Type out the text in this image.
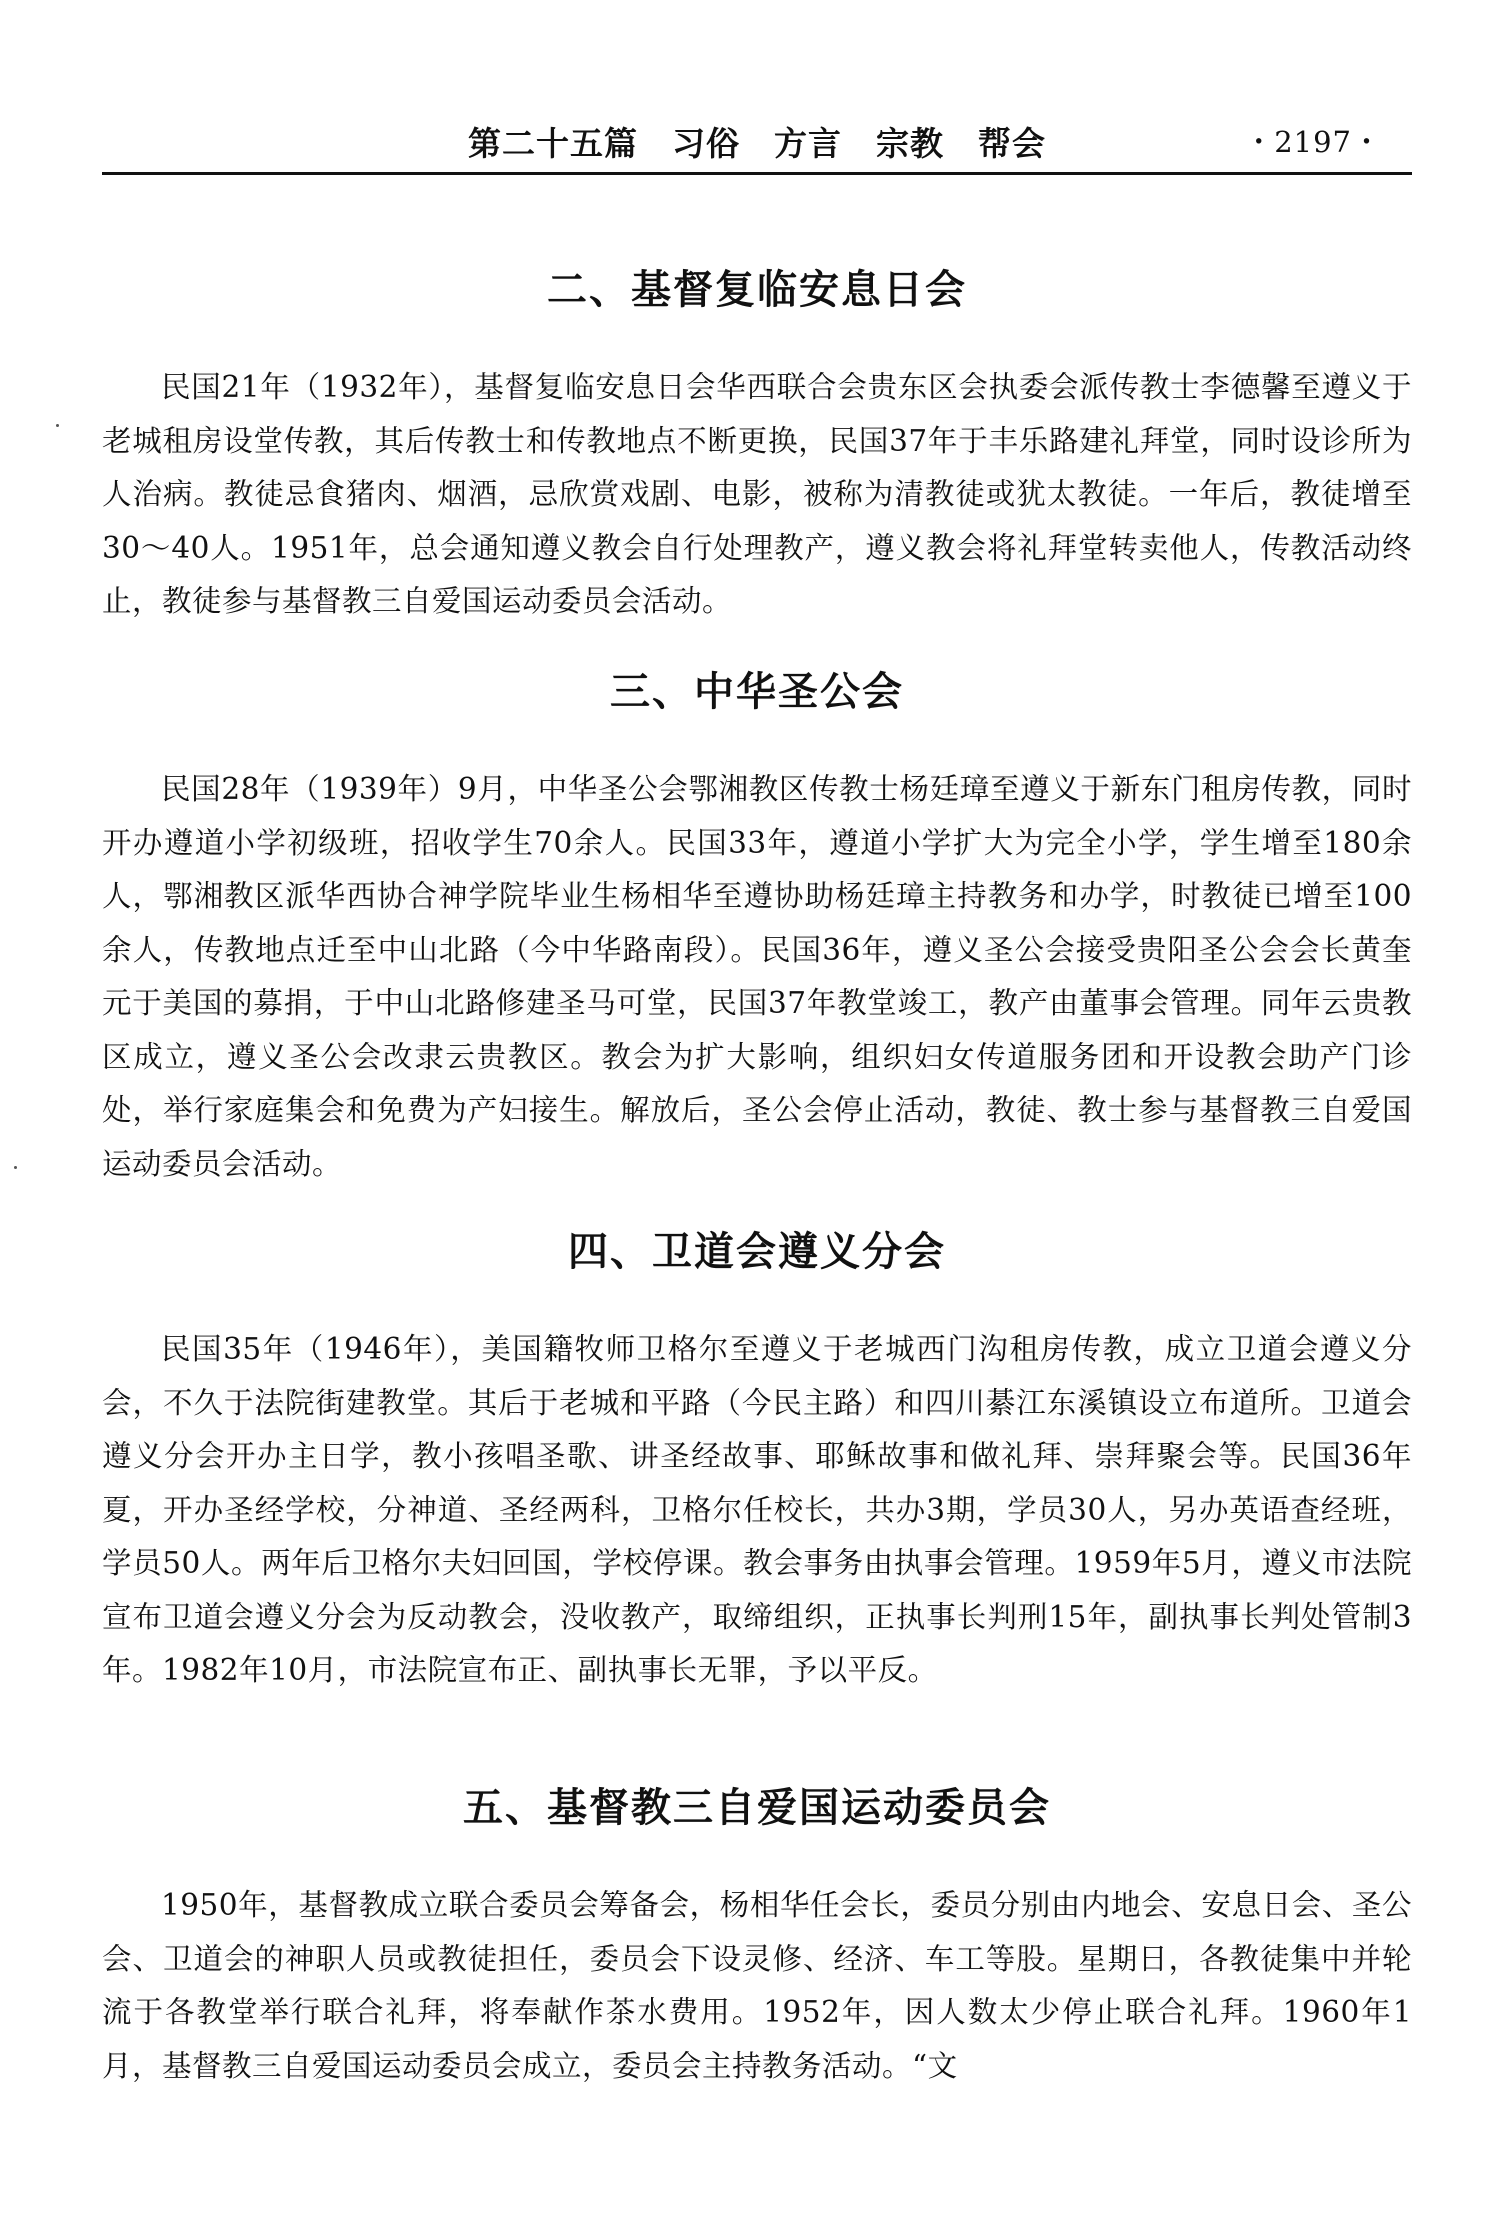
第二十五篇　习俗　方言　宗教　帮会	・2197・
二、基督复临安息日会

民国21年（1932年），基督复临安息日会华西联合会贵东区会执委会派传教士李德馨至遵义于老城租房设堂传教，其后传教士和传教地点不断更换，民国37年于丰乐路建礼拜堂，同时设诊所为人治病。教徒忌食猪肉、烟酒，忌欣赏戏剧、电影，被称为清教徒或犹太教徒。一年后，教徒增至30～40人。1951年，总会通知遵义教会自行处理教产，遵义教会将礼拜堂转卖他人，传教活动终止，教徒参与基督教三自爱国运动委员会活动。

三、中华圣公会

民国28年（1939年）9月，中华圣公会鄂湘教区传教士杨廷璋至遵义于新东门租房传教，同时开办遵道小学初级班，招收学生70余人。民国33年，遵道小学扩大为完全小学，学生增至180余人，鄂湘教区派华西协合神学院毕业生杨相华至遵协助杨廷璋主持教务和办学，时教徒已增至100余人，传教地点迁至中山北路（今中华路南段）。民国36年，遵义圣公会接受贵阳圣公会会长黄奎元于美国的募捐，于中山北路修建圣马可堂，民国37年教堂竣工，教产由董事会管理。同年云贵教区成立，遵义圣公会改隶云贵教区。教会为扩大影响，组织妇女传道服务团和开设教会助产门诊处，举行家庭集会和免费为产妇接生。解放后，圣公会停止活动，教徒、教士参与基督教三自爱国运动委员会活动。

四、卫道会遵义分会

民国35年（1946年），美国籍牧师卫格尔至遵义于老城西门沟租房传教，成立卫道会遵义分会，不久于法院街建教堂。其后于老城和平路（今民主路）和四川綦江东溪镇设立布道所。卫道会遵义分会开办主日学，教小孩唱圣歌、讲圣经故事、耶稣故事和做礼拜、崇拜聚会等。民国36年夏，开办圣经学校，分神道、圣经两科，卫格尔任校长，共办3期，学员30人，另办英语查经班，学员50人。两年后卫格尔夫妇回国，学校停课。教会事务由执事会管理。1959年5月，遵义市法院宣布卫道会遵义分会为反动教会，没收教产，取缔组织，正执事长判刑15年，副执事长判处管制3年。1982年10月，市法院宣布正、副执事长无罪，予以平反。

五、基督教三自爱国运动委员会

1950年，基督教成立联合委员会筹备会，杨相华任会长，委员分别由内地会、安息日会、圣公会、卫道会的神职人员或教徒担任，委员会下设灵修、经济、车工等股。星期日，各教徒集中并轮流于各教堂举行联合礼拜，将奉献作茶水费用。1952年，因人数太少停止联合礼拜。1960年1月，基督教三自爱国运动委员会成立，委员会主持教务活动。“文
